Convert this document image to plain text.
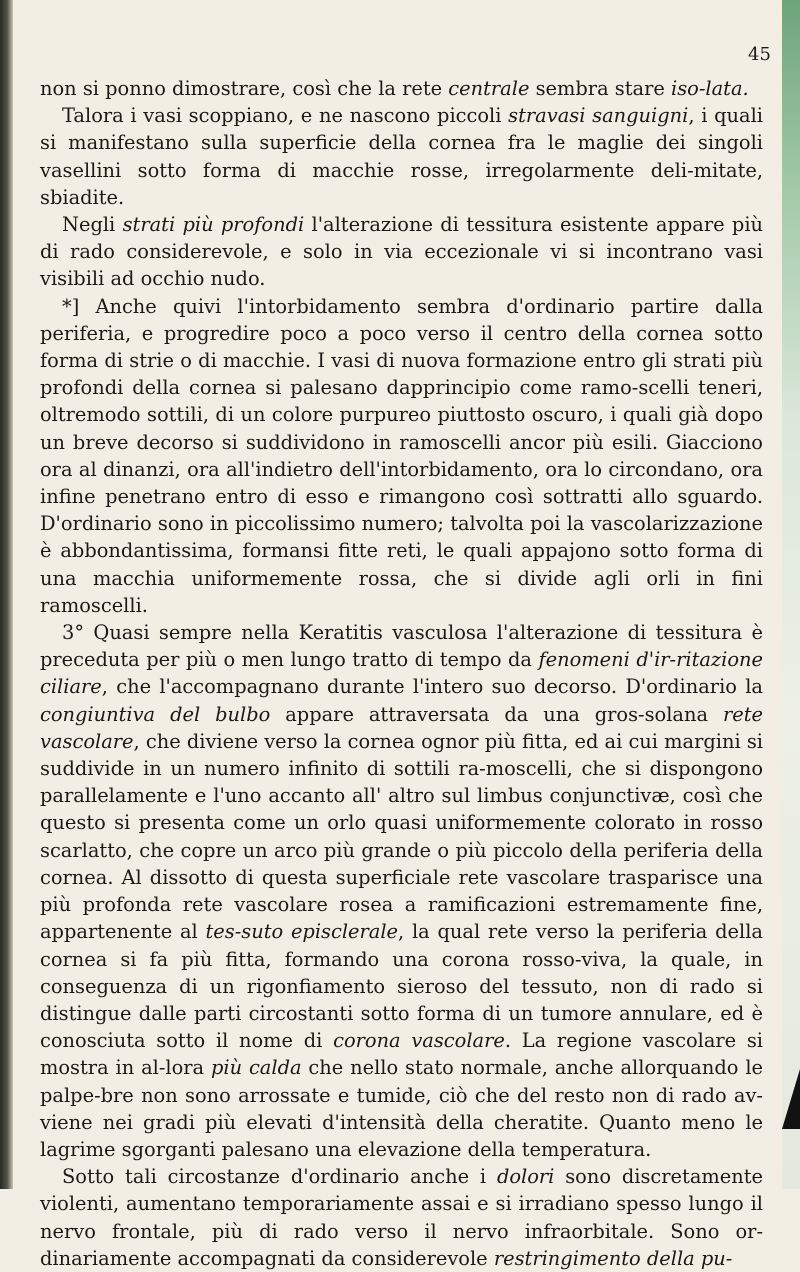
45

non si ponno dimostrare, così che la rete centrale sembra stare iso-lata.

Talora i vasi scoppiano, e ne nascono piccoli stravasi sanguigni, i quali si manifestano sulla superficie della cornea fra le maglie dei singoli vasellini sotto forma di macchie rosse, irregolarmente deli-mitate, sbiadite.

Negli strati più profondi l'alterazione di tessitura esistente appare più di rado considerevole, e solo in via eccezionale vi si incontrano vasi visibili ad occhio nudo.

*] Anche quivi l'intorbidamento sembra d'ordinario partire dalla periferia, e progredire poco a poco verso il centro della cornea sotto forma di strie o di macchie. I vasi di nuova formazione entro gli strati più profondi della cornea si palesano dapprincipio come ramo-scelli teneri, oltremodo sottili, di un colore purpureo piuttosto oscuro, i quali già dopo un breve decorso si suddividono in ramoscelli ancor più esili. Giacciono ora al dinanzi, ora all'indietro dell'intorbidamento, ora lo circondano, ora infine penetrano entro di esso e rimangono così sottratti allo sguardo. D'ordinario sono in piccolissimo numero; talvolta poi la vascolarizzazione è abbondantissima, formansi fitte reti, le quali appajono sotto forma di una macchia uniformemente rossa, che si divide agli orli in fini ramoscelli.

3° Quasi sempre nella Keratitis vasculosa l'alterazione di tessitura è preceduta per più o men lungo tratto di tempo da fenomeni d'ir-ritazione ciliare, che l'accompagnano durante l'intero suo decorso. D'ordinario la congiuntiva del bulbo appare attraversata da una gros-solana rete vascolare, che diviene verso la cornea ognor più fitta, ed ai cui margini si suddivide in un numero infinito di sottili ra-moscelli, che si dispongono parallelamente e l'uno accanto all' altro sul limbus conjunctivæ, così che questo si presenta come un orlo quasi uniformemente colorato in rosso scarlatto, che copre un arco più grande o più piccolo della periferia della cornea. Al dissotto di questa superficiale rete vascolare trasparisce una più profonda rete vascolare rosea a ramificazioni estremamente fine, appartenente al tes-suto episclerale, la qual rete verso la periferia della cornea si fa più fitta, formando una corona rosso-viva, la quale, in conseguenza di un rigonfiamento sieroso del tessuto, non di rado si distingue dalle parti circostanti sotto forma di un tumore annulare, ed è conosciuta sotto il nome di corona vascolare. La regione vascolare si mostra in al-lora più calda che nello stato normale, anche allorquando le palpe-bre non sono arrossate e tumide, ciò che del resto non di rado av-viene nei gradi più elevati d'intensità della cheratite. Quanto meno le lagrime sgorganti palesano una elevazione della temperatura.

Sotto tali circostanze d'ordinario anche i dolori sono discretamente violenti, aumentano temporariamente assai e si irradiano spesso lungo il nervo frontale, più di rado verso il nervo infraorbitale. Sono or-dinariamente accompagnati da considerevole restringimento della pu-
